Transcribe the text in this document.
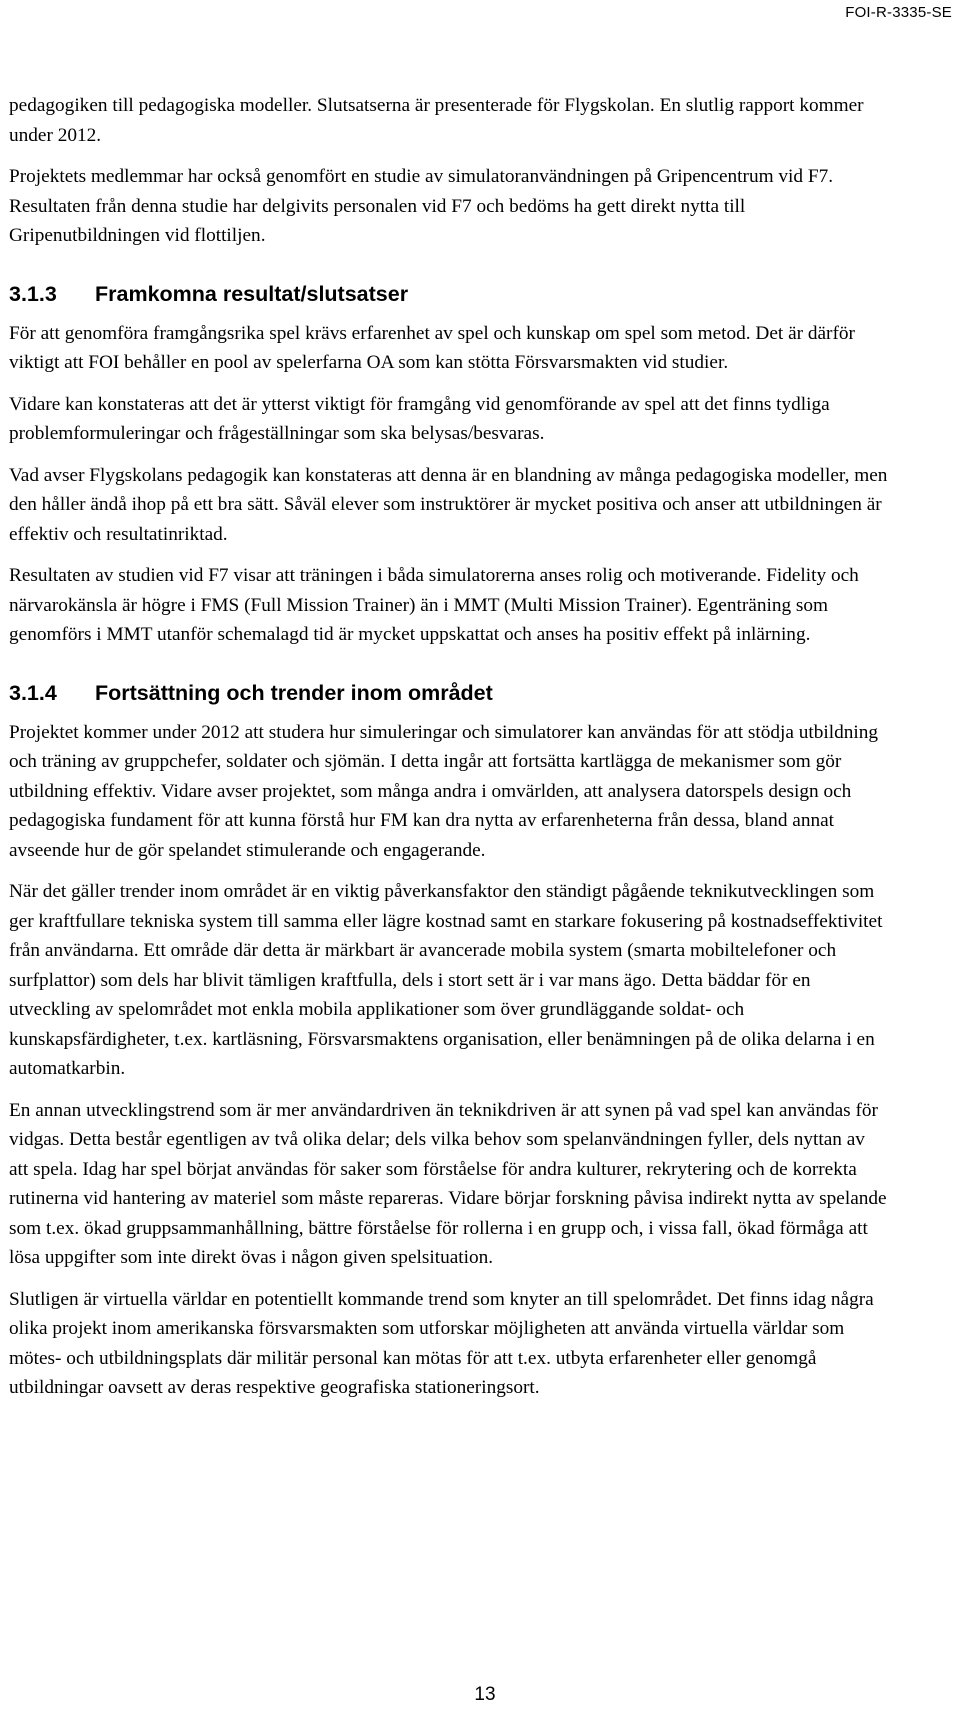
FOI-R-3335-SE

pedagogiken till pedagogiska modeller. Slutsatserna är presenterade för Flygskolan. En slutlig rapport kommer under 2012.

Projektets medlemmar har också genomfört en studie av simulatoranvändningen på Gripencentrum vid F7. Resultaten från denna studie har delgivits personalen vid F7 och bedöms ha gett direkt nytta till Gripenutbildningen vid flottiljen.

3.1.3	Framkomna resultat/slutsatser

För att genomföra framgångsrika spel krävs erfarenhet av spel och kunskap om spel som metod. Det är därför viktigt att FOI behåller en pool av spelerfarna OA som kan stötta Försvarsmakten vid studier.

Vidare kan konstateras att det är ytterst viktigt för framgång vid genomförande av spel att det finns tydliga problemformuleringar och frågeställningar som ska belysas/besvaras.

Vad avser Flygskolans pedagogik kan konstateras att denna är en blandning av många pedagogiska modeller, men den håller ändå ihop på ett bra sätt. Såväl elever som instruktörer är mycket positiva och anser att utbildningen är effektiv och resultatinriktad.

Resultaten av studien vid F7 visar att träningen i båda simulatorerna anses rolig och motiverande. Fidelity och närvarokänsla är högre i FMS (Full Mission Trainer) än i MMT (Multi Mission Trainer). Egenträning som genomförs i MMT utanför schemalagd tid är mycket uppskattat och anses ha positiv effekt på inlärning.

3.1.4	Fortsättning och trender inom området

Projektet kommer under 2012 att studera hur simuleringar och simulatorer kan användas för att stödja utbildning och träning av gruppchefer, soldater och sjömän. I detta ingår att fortsätta kartlägga de mekanismer som gör utbildning effektiv. Vidare avser projektet, som många andra i omvärlden, att analysera datorspels design och pedagogiska fundament för att kunna förstå hur FM kan dra nytta av erfarenheterna från dessa, bland annat avseende hur de gör spelandet stimulerande och engagerande.

När det gäller trender inom området är en viktig påverkansfaktor den ständigt pågående teknikutvecklingen som ger kraftfullare tekniska system till samma eller lägre kostnad samt en starkare fokusering på kostnadseffektivitet från användarna. Ett område där detta är märkbart är avancerade mobila system (smarta mobiltelefoner och surfplattor) som dels har blivit tämligen kraftfulla, dels i stort sett är i var mans ägo. Detta bäddar för en utveckling av spelområdet mot enkla mobila applikationer som över grundläggande soldat- och kunskapsfärdigheter, t.ex. kartläsning, Försvarsmaktens organisation, eller benämningen på de olika delarna i en automatkarbin.

En annan utvecklingstrend som är mer användardriven än teknikdriven är att synen på vad spel kan användas för vidgas. Detta består egentligen av två olika delar; dels vilka behov som spelanvändningen fyller, dels nyttan av att spela. Idag har spel börjat användas för saker som förståelse för andra kulturer, rekrytering och de korrekta rutinerna vid hantering av materiel som måste repareras. Vidare börjar forskning påvisa indirekt nytta av spelande som t.ex. ökad gruppsammanhållning, bättre förståelse för rollerna i en grupp och, i vissa fall, ökad förmåga att lösa uppgifter som inte direkt övas i någon given spelsituation.

Slutligen är virtuella världar en potentiellt kommande trend som knyter an till spelområdet. Det finns idag några olika projekt inom amerikanska försvarsmakten som utforskar möjligheten att använda virtuella världar som mötes- och utbildningsplats där militär personal kan mötas för att t.ex. utbyta erfarenheter eller genomgå utbildningar oavsett av deras respektive geografiska stationeringsort.

13
